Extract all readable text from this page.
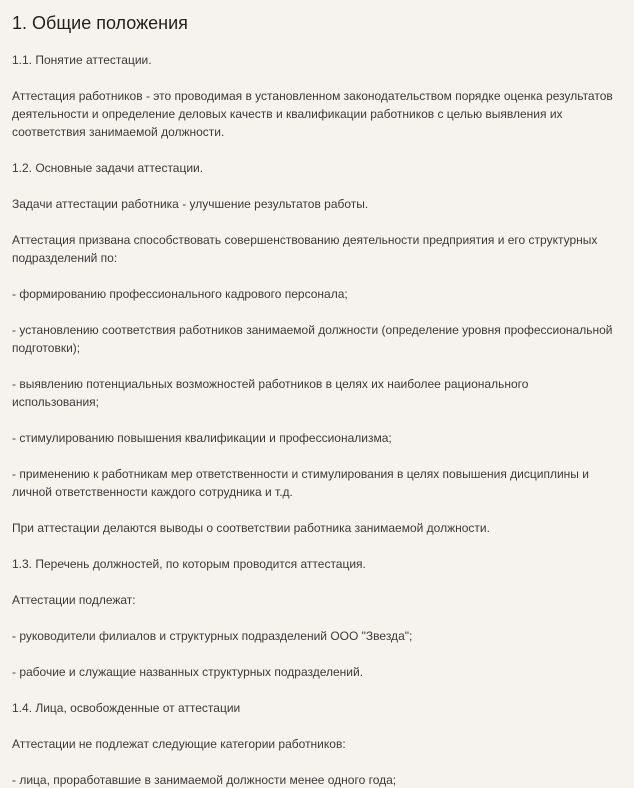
1. Общие положения
1.1. Понятие аттестации.
Аттестация работников - это проводимая в установленном законодательством порядке оценка результатов
деятельности и определение деловых качеств и квалификации работников с целью выявления их
соответствия занимаемой должности.
1.2. Основные задачи аттестации.
Задачи аттестации работника - улучшение результатов работы.
Аттестация призвана способствовать совершенствованию деятельности предприятия и его структурных
подразделений по:
- формированию профессионального кадрового персонала;
- установлению соответствия работников занимаемой должности (определение уровня профессиональной
подготовки);
- выявлению потенциальных возможностей работников в целях их наиболее рационального
использования;
- стимулированию повышения квалификации и профессионализма;
- применению к работникам мер ответственности и стимулирования в целях повышения дисциплины и
личной ответственности каждого сотрудника и т.д.
При аттестации делаются выводы о соответствии работника занимаемой должности.
1.3. Перечень должностей, по которым проводится аттестация.
Аттестации подлежат:
- руководители филиалов и структурных подразделений ООО "Звезда";
- рабочие и служащие названных структурных подразделений.
1.4. Лица, освобожденные от аттестации
Аттестации не подлежат следующие категории работников:
- лица, проработавшие в занимаемой должности менее одного года;
